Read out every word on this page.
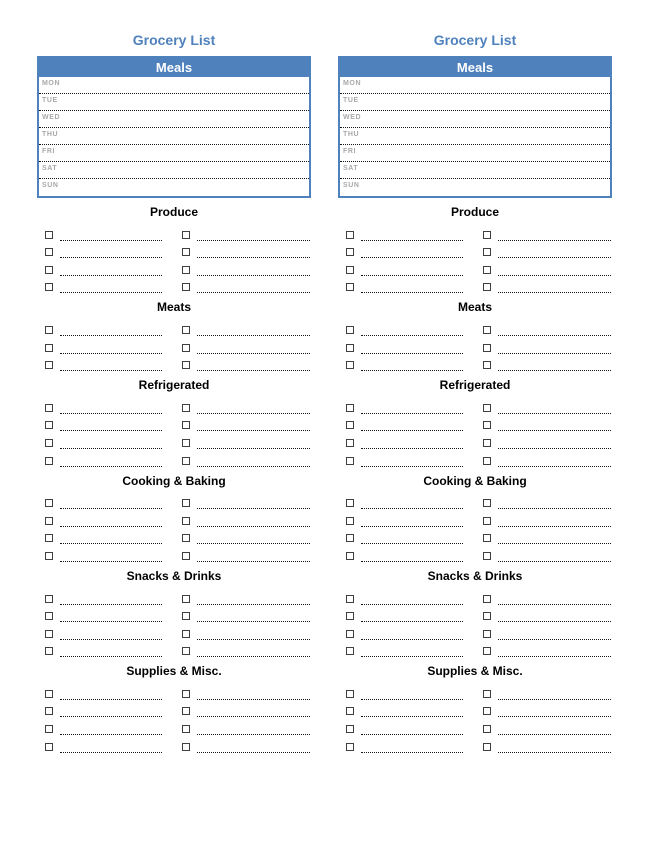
Grocery List
Meals
MON
TUE
WED
THU
FRI
SAT
SUN
Produce
Meats
Refrigerated
Cooking & Baking
Snacks & Drinks
Supplies & Misc.
Grocery List
Meals
MON
TUE
WED
THU
FRI
SAT
SUN
Produce
Meats
Refrigerated
Cooking & Baking
Snacks & Drinks
Supplies & Misc.
